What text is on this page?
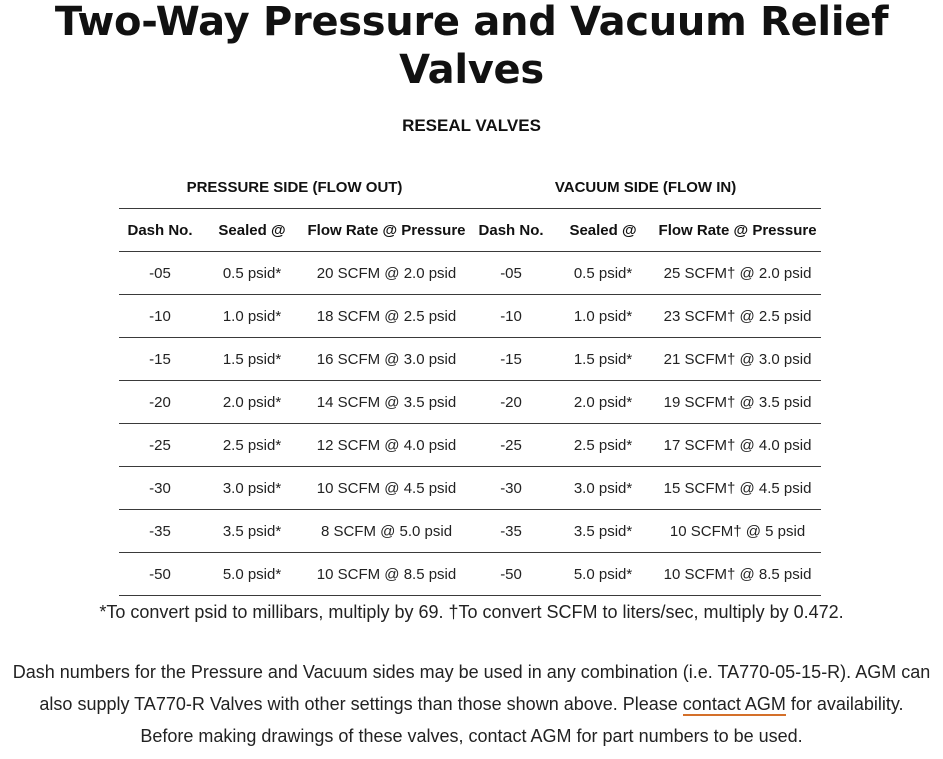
Two-Way Pressure and Vacuum Relief Valves
RESEAL VALVES
PRESSURE SIDE (FLOW OUT)			VACUUM SIDE (FLOW IN)		
Dash No.	Sealed @	Flow Rate @ Pressure	Dash No.	Sealed @	Flow Rate @ Pressure
-05	0.5 psid*	20 SCFM @ 2.0 psid	-05	0.5 psid*	25 SCFM† @ 2.0 psid
-10	1.0 psid*	18 SCFM @ 2.5 psid	-10	1.0 psid*	23 SCFM† @ 2.5 psid
-15	1.5 psid*	16 SCFM @ 3.0 psid	-15	1.5 psid*	21 SCFM† @ 3.0 psid
-20	2.0 psid*	14 SCFM @ 3.5 psid	-20	2.0 psid*	19 SCFM† @ 3.5 psid
-25	2.5 psid*	12 SCFM @ 4.0 psid	-25	2.5 psid*	17 SCFM† @ 4.0 psid
-30	3.0 psid*	10 SCFM @ 4.5 psid	-30	3.0 psid*	15 SCFM† @ 4.5 psid
-35	3.5 psid*	8 SCFM @ 5.0 psid	-35	3.5 psid*	10 SCFM† @ 5 psid
-50	5.0 psid*	10 SCFM @ 8.5 psid	-50	5.0 psid*	10 SCFM† @ 8.5 psid
*To convert psid to millibars, multiply by 69. †To convert SCFM to liters/sec, multiply by 0.472.

Dash numbers for the Pressure and Vacuum sides may be used in any combination (i.e. TA770-05-15-R). AGM can also supply TA770-R Valves with other settings than those shown above. Please contact AGM for availability. Before making drawings of these valves, contact AGM for part numbers to be used.
